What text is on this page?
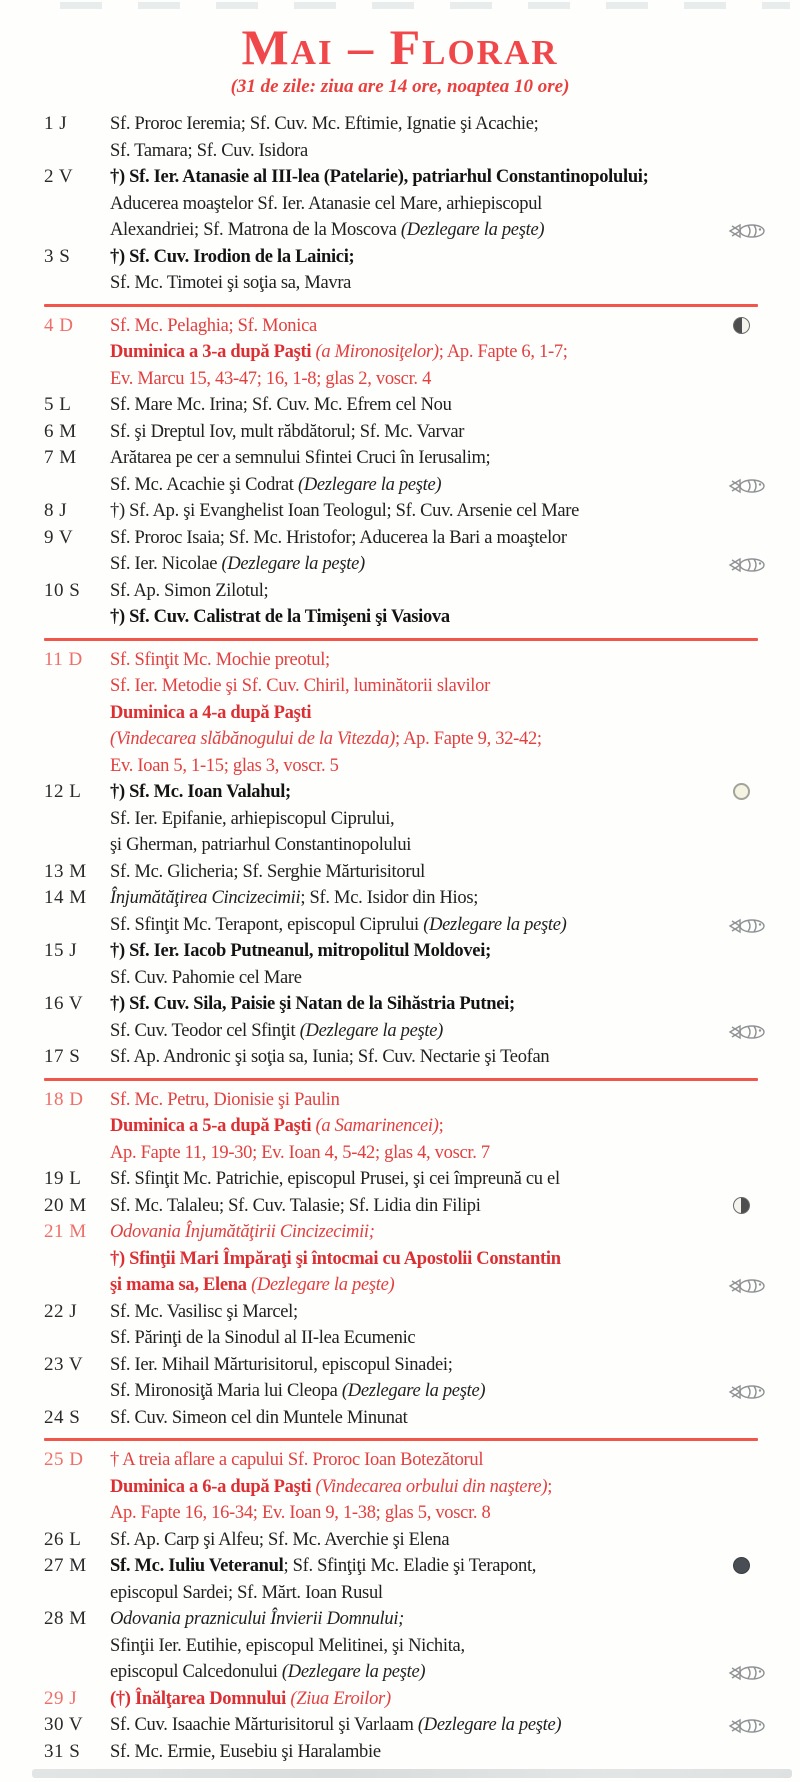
Mai – Florar
(31 de zile: ziua are 14 ore, noaptea 10 ore)
1 J	Sf. Proroc Ieremia; Sf. Cuv. Mc. Eftimie, Ignatie şi Acachie;
Sf. Tamara; Sf. Cuv. Isidora
2 V	†) Sf. Ier. Atanasie al III-lea (Patelarie), patriarhul Constantinopolului;
Aducerea moaştelor Sf. Ier. Atanasie cel Mare, arhiepiscopul
Alexandriei; Sf. Matrona de la Moscova (Dezlegare la peşte)
3 S	†) Sf. Cuv. Irodion de la Lainici;
Sf. Mc. Timotei şi soţia sa, Mavra
4 D	Sf. Mc. Pelaghia; Sf. Monica
Duminica a 3-a după Paşti (a Mironosiţelor); Ap. Fapte 6, 1-7;
Ev. Marcu 15, 43-47; 16, 1-8; glas 2, voscr. 4
5 L	Sf. Mare Mc. Irina; Sf. Cuv. Mc. Efrem cel Nou
6 M	Sf. şi Dreptul Iov, mult răbdătorul; Sf. Mc. Varvar
7 M	Arătarea pe cer a semnului Sfintei Cruci în Ierusalim;
Sf. Mc. Acachie şi Codrat (Dezlegare la peşte)
8 J	†) Sf. Ap. şi Evanghelist Ioan Teologul; Sf. Cuv. Arsenie cel Mare
9 V	Sf. Proroc Isaia; Sf. Mc. Hristofor; Aducerea la Bari a moaştelor
Sf. Ier. Nicolae (Dezlegare la peşte)
10 S	Sf. Ap. Simon Zilotul;
†) Sf. Cuv. Calistrat de la Timişeni şi Vasiova
11 D	Sf. Sfinţit Mc. Mochie preotul;
Sf. Ier. Metodie şi Sf. Cuv. Chiril, luminătorii slavilor
Duminica a 4-a după Paşti
(Vindecarea slăbănogului de la Vitezda); Ap. Fapte 9, 32-42;
Ev. Ioan 5, 1-15; glas 3, voscr. 5
12 L	†) Sf. Mc. Ioan Valahul;
Sf. Ier. Epifanie, arhiepiscopul Ciprului,
şi Gherman, patriarhul Constantinopolului
13 M	Sf. Mc. Glicheria; Sf. Serghie Mărturisitorul
14 M	Înjumătăţirea Cincizecimii; Sf. Mc. Isidor din Hios;
Sf. Sfinţit Mc. Terapont, episcopul Ciprului (Dezlegare la peşte)
15 J	†) Sf. Ier. Iacob Putneanul, mitropolitul Moldovei;
Sf. Cuv. Pahomie cel Mare
16 V	†) Sf. Cuv. Sila, Paisie şi Natan de la Sihăstria Putnei;
Sf. Cuv. Teodor cel Sfinţit (Dezlegare la peşte)
17 S	Sf. Ap. Andronic şi soţia sa, Iunia; Sf. Cuv. Nectarie şi Teofan
18 D	Sf. Mc. Petru, Dionisie şi Paulin
Duminica a 5-a după Paşti (a Samarinencei);
Ap. Fapte 11, 19-30; Ev. Ioan 4, 5-42; glas 4, voscr. 7
19 L	Sf. Sfinţit Mc. Patrichie, episcopul Prusei, şi cei împreună cu el
20 M	Sf. Mc. Talaleu; Sf. Cuv. Talasie; Sf. Lidia din Filipi
21 M	Odovania Înjumătăţirii Cincizecimii;
†) Sfinţii Mari Împăraţi şi întocmai cu Apostolii Constantin
şi mama sa, Elena (Dezlegare la peşte)
22 J	Sf. Mc. Vasilisc şi Marcel;
Sf. Părinţi de la Sinodul al II-lea Ecumenic
23 V	Sf. Ier. Mihail Mărturisitorul, episcopul Sinadei;
Sf. Mironosiţă Maria lui Cleopa (Dezlegare la peşte)
24 S	Sf. Cuv. Simeon cel din Muntele Minunat
25 D	† A treia aflare a capului Sf. Proroc Ioan Botezătorul
Duminica a 6-a după Paşti (Vindecarea orbului din naştere);
Ap. Fapte 16, 16-34; Ev. Ioan 9, 1-38; glas 5, voscr. 8
26 L	Sf. Ap. Carp şi Alfeu; Sf. Mc. Averchie şi Elena
27 M	Sf. Mc. Iuliu Veteranul; Sf. Sfinţiţi Mc. Eladie şi Terapont,
episcopul Sardei; Sf. Mărt. Ioan Rusul
28 M	Odovania praznicului Învierii Domnului;
Sfinţii Ier. Eutihie, episcopul Melitinei, şi Nichita,
episcopul Calcedonului (Dezlegare la peşte)
29 J	(†) Înălţarea Domnului (Ziua Eroilor)
30 V	Sf. Cuv. Isaachie Mărturisitorul şi Varlaam (Dezlegare la peşte)
31 S	Sf. Mc. Ermie, Eusebiu şi Haralambie
